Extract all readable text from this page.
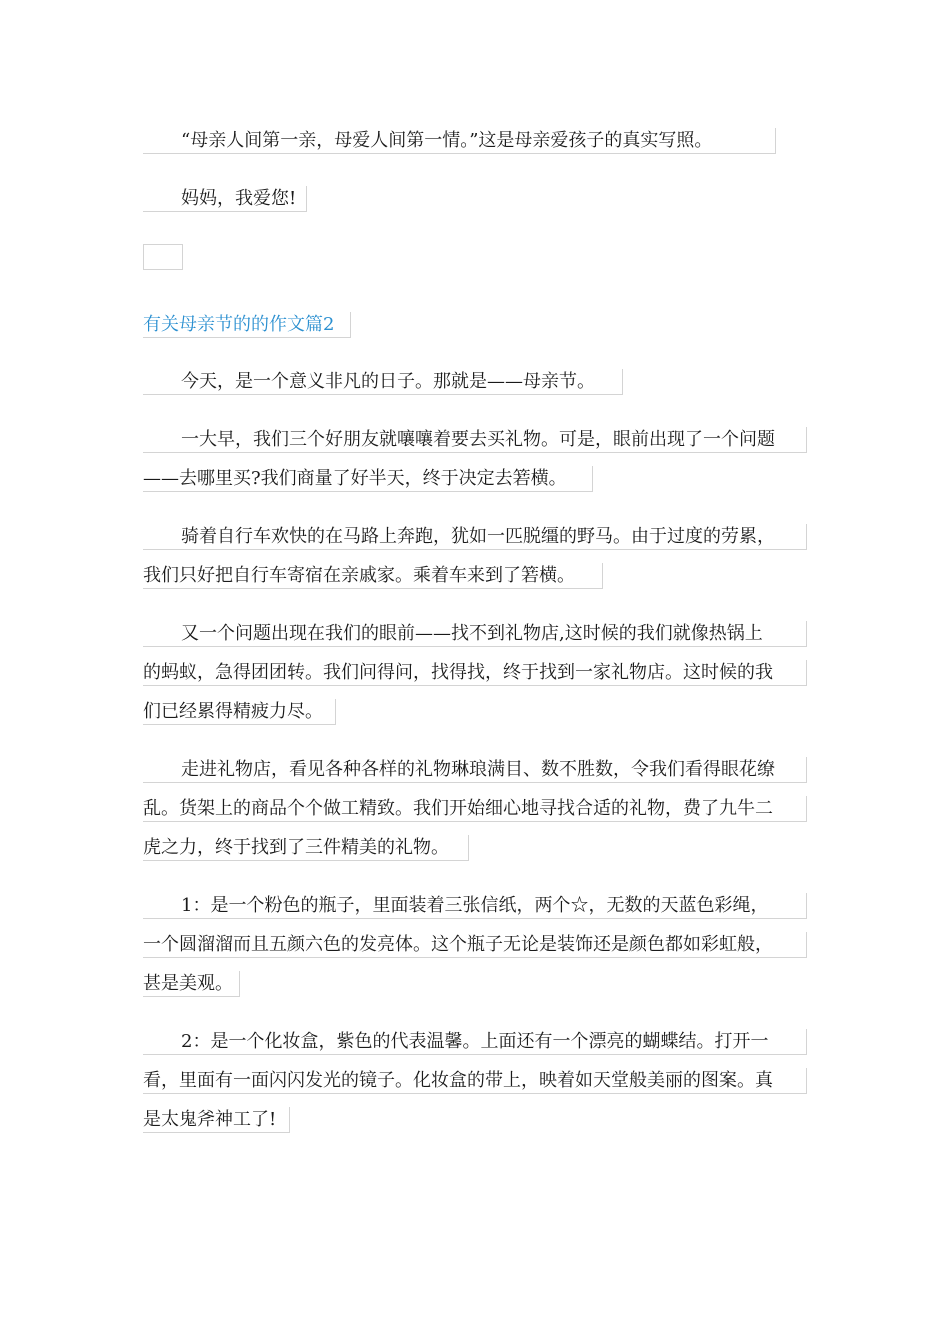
“母亲人间第一亲，母爱人间第一情。”这是母亲爱孩子的真实写照。
妈妈，我爱您!
有关母亲节的的作文篇2
今天，是一个意义非凡的日子。那就是——母亲节。
一大早，我们三个好朋友就嚷嚷着要去买礼物。可是，眼前出现了一个问题
——去哪里买?我们商量了好半天，终于决定去箬横。
骑着自行车欢快的在马路上奔跑，犹如一匹脱缰的野马。由于过度的劳累，
我们只好把自行车寄宿在亲戚家。乘着车来到了箬横。
又一个问题出现在我们的眼前——找不到礼物店,这时候的我们就像热锅上
的蚂蚁，急得团团转。我们问得问，找得找，终于找到一家礼物店。这时候的我
们已经累得精疲力尽。
走进礼物店，看见各种各样的礼物琳琅满目、数不胜数，令我们看得眼花缭
乱。货架上的商品个个做工精致。我们开始细心地寻找合适的礼物，费了九牛二
虎之力，终于找到了三件精美的礼物。
1：是一个粉色的瓶子，里面装着三张信纸，两个☆，无数的天蓝色彩绳，
一个圆溜溜而且五颜六色的发亮体。这个瓶子无论是装饰还是颜色都如彩虹般，
甚是美观。
2：是一个化妆盒，紫色的代表温馨。上面还有一个漂亮的蝴蝶结。打开一
看，里面有一面闪闪发光的镜子。化妆盒的带上，映着如天堂般美丽的图案。真
是太鬼斧神工了!
